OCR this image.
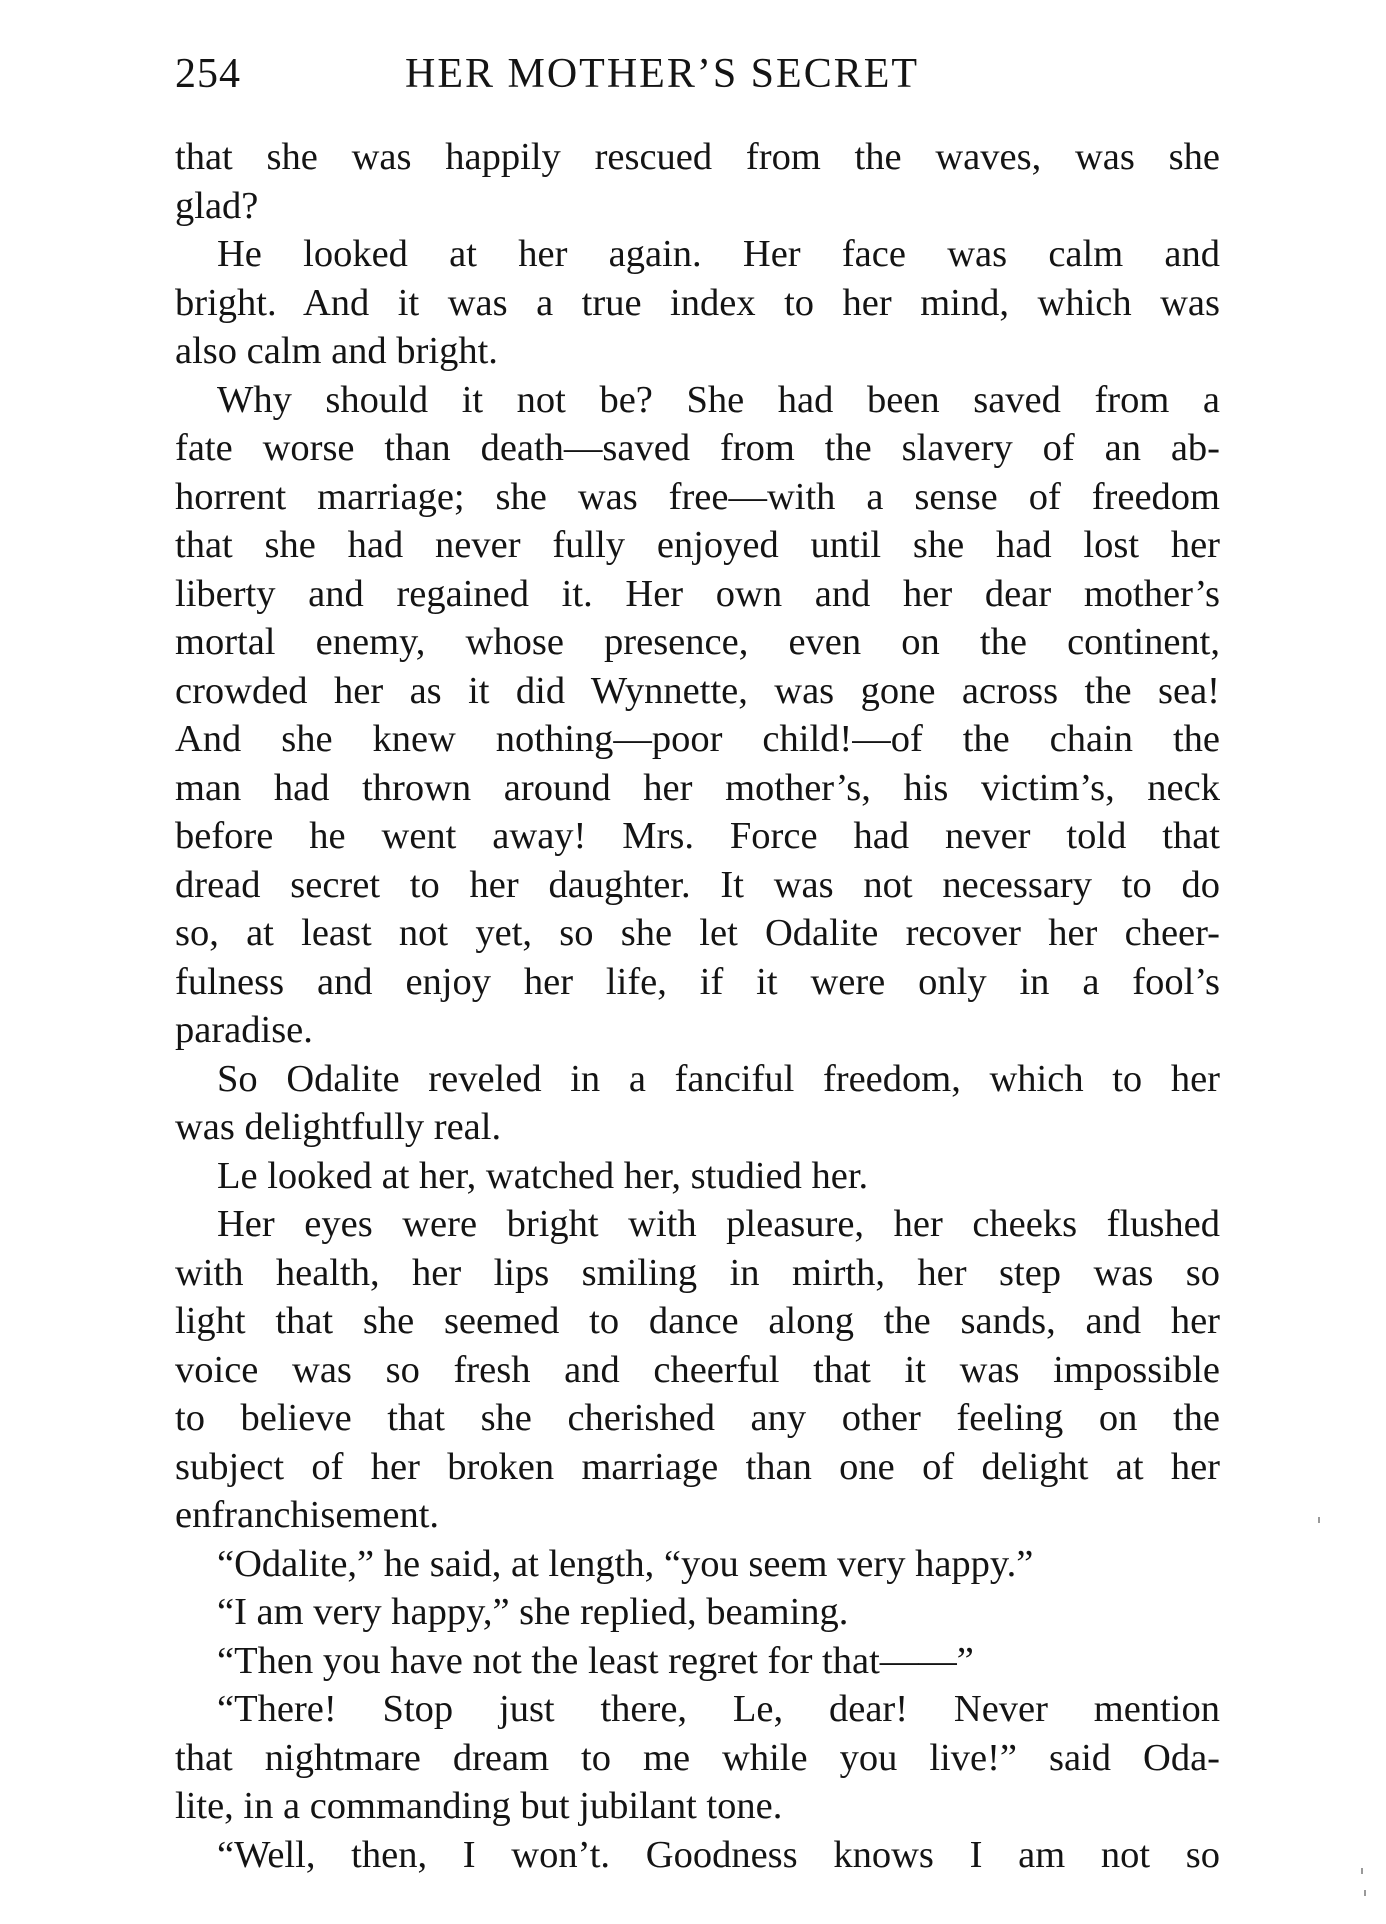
254	HER MOTHER’S SECRET
that she was happily rescued from the waves, was she
glad?
He looked at her again. Her face was calm and
bright. And it was a true index to her mind, which was
also calm and bright.
Why should it not be? She had been saved from a
fate worse than death—saved from the slavery of an ab-
horrent marriage; she was free—with a sense of freedom
that she had never fully enjoyed until she had lost her
liberty and regained it. Her own and her dear mother’s
mortal enemy, whose presence, even on the continent,
crowded her as it did Wynnette, was gone across the sea!
And she knew nothing—poor child!—of the chain the
man had thrown around her mother’s, his victim’s, neck
before he went away! Mrs. Force had never told that
dread secret to her daughter. It was not necessary to do
so, at least not yet, so she let Odalite recover her cheer-
fulness and enjoy her life, if it were only in a fool’s
paradise.
So Odalite reveled in a fanciful freedom, which to her
was delightfully real.
Le looked at her, watched her, studied her.
Her eyes were bright with pleasure, her cheeks flushed
with health, her lips smiling in mirth, her step was so
light that she seemed to dance along the sands, and her
voice was so fresh and cheerful that it was impossible
to believe that she cherished any other feeling on the
subject of her broken marriage than one of delight at her
enfranchisement.
“Odalite,” he said, at length, “you seem very happy.”
“I am very happy,” she replied, beaming.
“Then you have not the least regret for that——”
“There! Stop just there, Le, dear! Never mention
that nightmare dream to me while you live!” said Oda-
lite, in a commanding but jubilant tone.
“Well, then, I won’t. Goodness knows I am not so
